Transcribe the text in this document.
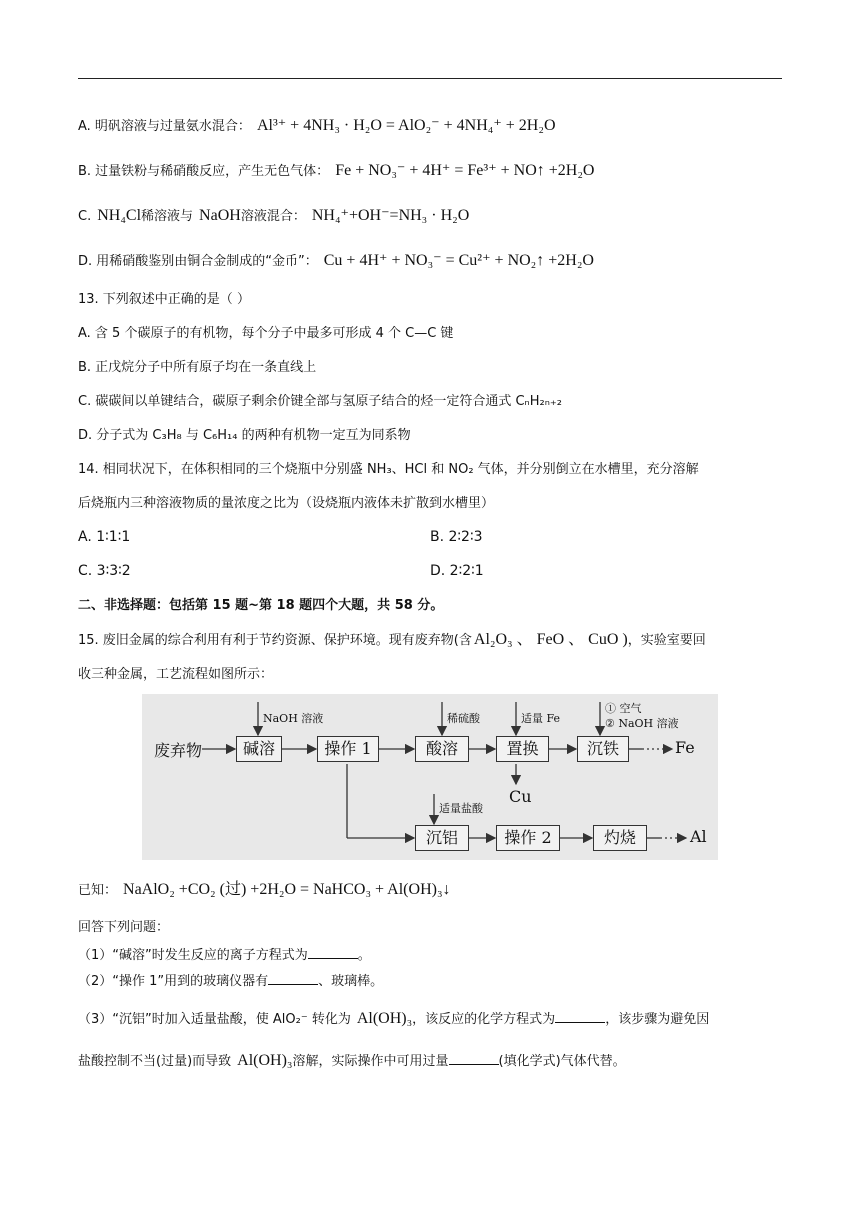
A. 明矾溶液与过量氨水混合： Al³⁺ + 4NH₃ · H₂O = AlO₂⁻ + 4NH₄⁺ + 2H₂O
B. 过量铁粉与稀硝酸反应，产生无色气体： Fe + NO₃⁻ + 4H⁺ = Fe³⁺ + NO↑ +2H₂O
C. NH₄Cl稀溶液与 NaOH溶液混合： NH₄⁺+OH⁻=NH₃ · H₂O
D. 用稀硝酸鉴别由铜合金制成的“金币”： Cu + 4H⁺ + NO₃⁻ = Cu²⁺ + NO₂↑ +2H₂O
13. 下列叙述中正确的是（ ）
A. 含 5 个碳原子的有机物，每个分子中最多可形成 4 个 C—C 键
B. 正戊烷分子中所有原子均在一条直线上
C. 碳碳间以单键结合，碳原子剩余价键全部与氢原子结合的烃一定符合通式 CₙH₂ₙ₊₂
D. 分子式为 C₃H₈ 与 C₆H₁₄ 的两种有机物一定互为同系物
14. 相同状况下，在体积相同的三个烧瓶中分别盛 NH₃、HCl 和 NO₂ 气体，并分别倒立在水槽里，充分溶解
后烧瓶内三种溶液物质的量浓度之比为（设烧瓶内液体未扩散到水槽里）
A. 1∶1∶1	B. 2∶2∶3
C. 3∶3∶2	D. 2∶2∶1
二、非选择题：包括第 15 题~第 18 题四个大题，共 58 分。
15. 废旧金属的综合利用有利于节约资源、保护环境。现有废弃物(含 Al₂O₃ 、 FeO 、 CuO )，实验室要回
收三种金属，工艺流程如图所示：
废弃物	碱溶	操作 1	酸溶	置换	沉铁	Fe
Cu
沉铝	操作 2	灼烧	Al
NaOH 溶液	稀硫酸	适量 Fe
① 空气
② NaOH 溶液
适量盐酸
已知： NaAlO₂ +CO₂ (过) +2H₂O = NaHCO₃ + Al(OH)₃↓
回答下列问题：
（1）“碱溶”时发生反应的离子方程式为	。
（2）“操作 1”用到的玻璃仪器有	、玻璃棒。
（3）“沉铝”时加入适量盐酸，使 AlO₂⁻ 转化为 Al(OH)₃，该反应的化学方程式为	，该步骤为避免因
盐酸控制不当(过量)而导致 Al(OH)₃溶解，实际操作中可用过量	(填化学式)气体代替。
